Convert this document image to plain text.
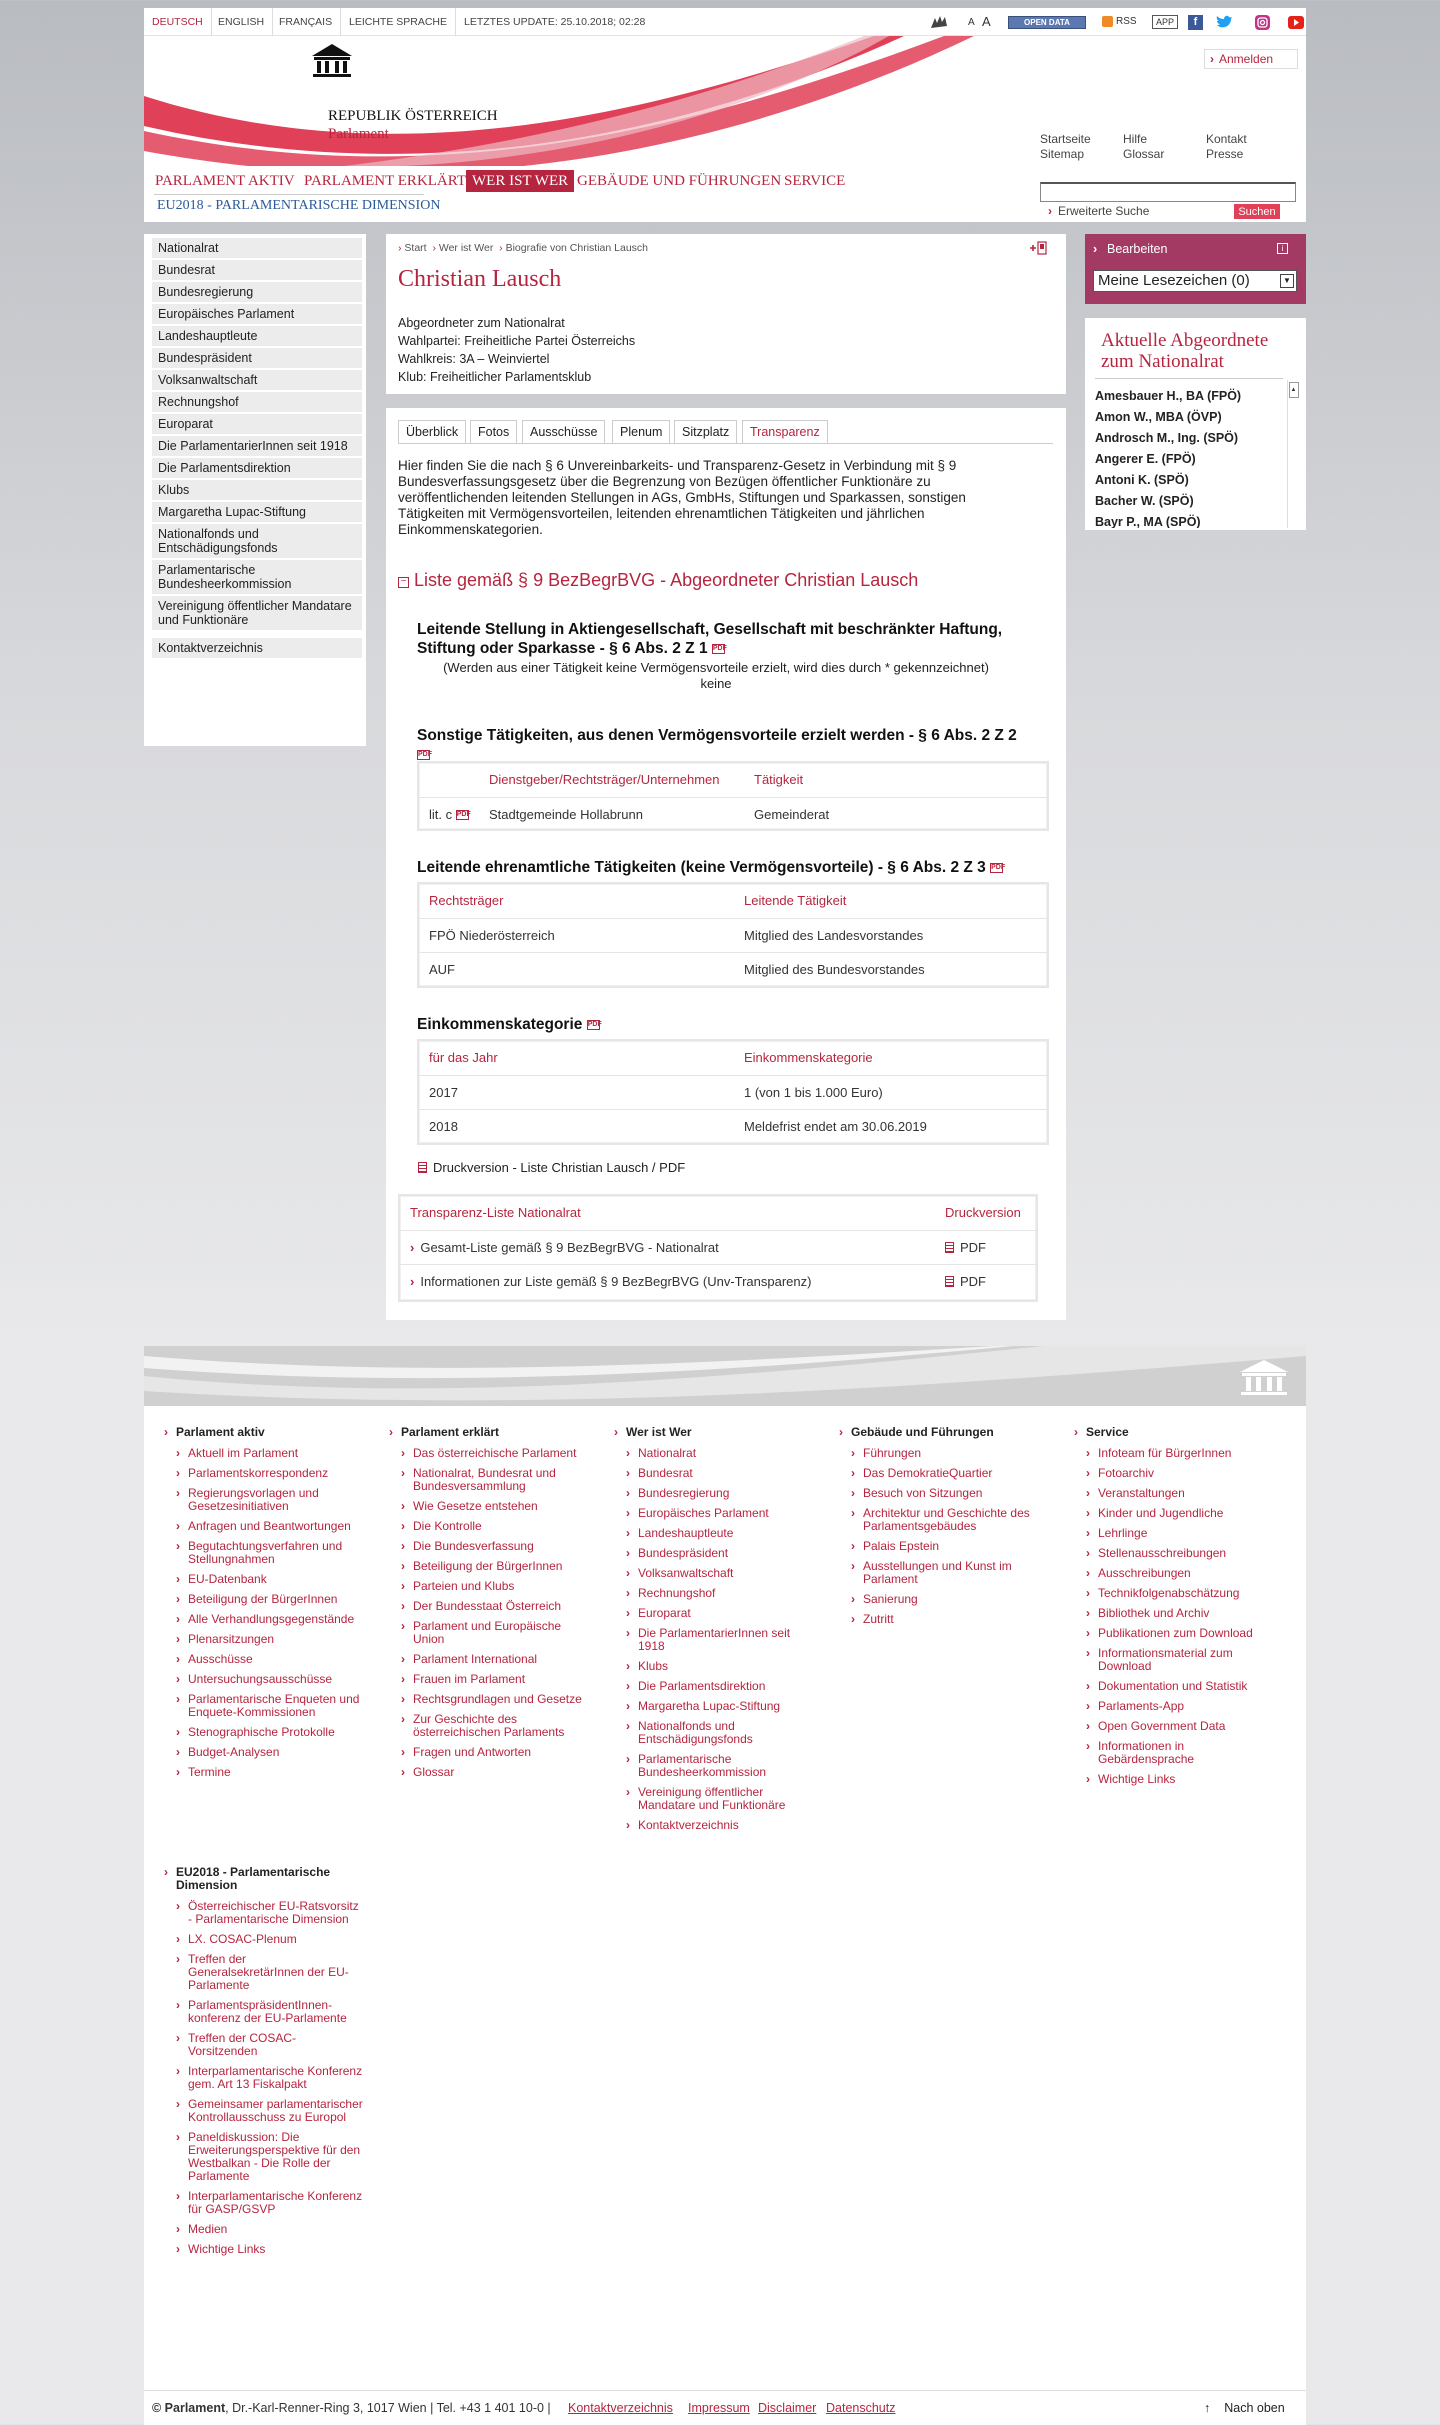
DEUTSCH	ENGLISH	FRANÇAIS	LEICHTE SPRACHE	LETZTES UPDATE: 25.10.2018; 02:28	A A	OPEN DATA	RSS	APP	f
REPUBLIK ÖSTERREICH
Parlament
› Anmelden
Startseite
Sitemap
Hilfe
Glossar
Kontakt
Presse
PARLAMENT AKTIV PARLAMENT ERKLÄRT WER IST WER GEBÄUDE UND FÜHRUNGEN SERVICE
EU2018 - PARLAMENTARISCHE DIMENSION	› Erweiterte Suche	Suchen
Nationalrat
Bundesrat
Bundesregierung
Europäisches Parlament
Landeshauptleute
Bundespräsident
Volksanwaltschaft
Rechnungshof
Europarat
Die ParlamentarierInnen seit 1918
Die Parlamentsdirektion
Klubs
Margaretha Lupac-Stiftung
Nationalfonds und Entschädigungsfonds
Parlamentarische Bundesheerkommission
Vereinigung öffentlicher Mandatare und Funktionäre
Kontaktverzeichnis
› Start › Wer ist Wer › Biografie von Christian Lausch
Christian Lausch
Abgeordneter zum Nationalrat
Wahlpartei: Freiheitliche Partei Österreichs
Wahlkreis: 3A – Weinviertel
Klub: Freiheitlicher Parlamentsklub
Überblick	Fotos	Ausschüsse	Plenum	Sitzplatz	Transparenz

Hier finden Sie die nach § 6 Unvereinbarkeits- und Transparenz-Gesetz in Verbindung mit § 9 Bundesverfassungsgesetz über die Begrenzung von Bezügen öffentlicher Funktionäre zu veröffentlichenden leitenden Stellungen in AGs, GmbHs, Stiftungen und Sparkassen, sonstigen Tätigkeiten mit Vermögensvorteilen, leitenden ehrenamtlichen Tätigkeiten und jährlichen Einkommenskategorien.

− Liste gemäß § 9 BezBegrBVG - Abgeordneter Christian Lausch
Leitende Stellung in Aktiengesellschaft, Gesellschaft mit beschränkter Haftung,
Stiftung oder Sparkasse - § 6 Abs. 2 Z 1 PDF
(Werden aus einer Tätigkeit keine Vermögensvorteile erzielt, wird dies durch * gekennzeichnet)
keine
Sonstige Tätigkeiten, aus denen Vermögensvorteile erzielt werden - § 6 Abs. 2 Z 2
PDF
	Dienstgeber/Rechtsträger/Unternehmen	Tätigkeit
lit. c PDF	Stadtgemeinde Hollabrunn	Gemeinderat
Leitende ehrenamtliche Tätigkeiten (keine Vermögensvorteile) - § 6 Abs. 2 Z 3 PDF
Rechtsträger	Leitende Tätigkeit
FPÖ Niederösterreich	Mitglied des Landesvorstandes
AUF	Mitglied des Bundesvorstandes
Einkommenskategorie PDF
für das Jahr	Einkommenskategorie
2017	1 (von 1 bis 1.000 Euro)
2018	Meldefrist endet am 30.06.2019
Druckversion - Liste Christian Lausch / PDF
Transparenz-Liste Nationalrat	Druckversion
› Gesamt-Liste gemäß § 9 BezBegrBVG - Nationalrat	PDF
› Informationen zur Liste gemäß § 9 BezBegrBVG (Unv-Transparenz)	PDF
› Bearbeiten	i
Meine Lesezeichen (0)	▼
Aktuelle Abgeordnete
zum Nationalrat
Amesbauer H., BA (FPÖ)
Amon W., MBA (ÖVP)
Androsch M., Ing. (SPÖ)
Angerer E. (FPÖ)
Antoni K. (SPÖ)
Bacher W. (SPÖ)
Bayr P., MA (SPÖ)
▲
› Parlament aktiv
› Aktuell im Parlament
› Parlamentskorrespondenz
› Regierungsvorlagen und Gesetzesinitiativen
› Anfragen und Beantwortungen
› Begutachtungsverfahren und Stellungnahmen
› EU-Datenbank
› Beteiligung der BürgerInnen
› Alle Verhandlungsgegenstände
› Plenarsitzungen
› Ausschüsse
› Untersuchungsausschüsse
› Parlamentarische Enqueten und Enquete-Kommissionen
› Stenographische Protokolle
› Budget-Analysen
› Termine
› Parlament erklärt
› Das österreichische Parlament
› Nationalrat, Bundesrat und Bundesversammlung
› Wie Gesetze entstehen
› Die Kontrolle
› Die Bundesverfassung
› Beteiligung der BürgerInnen
› Parteien und Klubs
› Der Bundesstaat Österreich
› Parlament und Europäische Union
› Parlament International
› Frauen im Parlament
› Rechtsgrundlagen und Gesetze
› Zur Geschichte des österreichischen Parlaments
› Fragen und Antworten
› Glossar
› Wer ist Wer
› Nationalrat
› Bundesrat
› Bundesregierung
› Europäisches Parlament
› Landeshauptleute
› Bundespräsident
› Volksanwaltschaft
› Rechnungshof
› Europarat
› Die ParlamentarierInnen seit 1918
› Klubs
› Die Parlamentsdirektion
› Margaretha Lupac-Stiftung
› Nationalfonds und Entschädigungsfonds
› Parlamentarische Bundesheerkommission
› Vereinigung öffentlicher Mandatare und Funktionäre
› Kontaktverzeichnis
› Gebäude und Führungen
› Führungen
› Das DemokratieQuartier
› Besuch von Sitzungen
› Architektur und Geschichte des Parlamentsgebäudes
› Palais Epstein
› Ausstellungen und Kunst im Parlament
› Sanierung
› Zutritt
› Service
› Infoteam für BürgerInnen
› Fotoarchiv
› Veranstaltungen
› Kinder und Jugendliche
› Lehrlinge
› Stellenausschreibungen
› Ausschreibungen
› Technikfolgenabschätzung
› Bibliothek und Archiv
› Publikationen zum Download
› Informationsmaterial zum Download
› Dokumentation und Statistik
› Parlaments-App
› Open Government Data
› Informationen in Gebärdensprache
› Wichtige Links
› EU2018 - Parlamentarische Dimension
› Österreichischer EU-Ratsvorsitz - Parlamentarische Dimension
› LX. COSAC-Plenum
› Treffen der GeneralsekretärInnen der EU-Parlamente
› ParlamentspräsidentInnen-konferenz der EU-Parlamente
› Treffen der COSAC-Vorsitzenden
› Interparlamentarische Konferenz gem. Art 13 Fiskalpakt
› Gemeinsamer parlamentarischer Kontrollausschuss zu Europol
› Paneldiskussion: Die Erweiterungsperspektive für den Westbalkan - Die Rolle der Parlamente
› Interparlamentarische Konferenz für GASP/GSVP
› Medien
› Wichtige Links
© Parlament, Dr.-Karl-Renner-Ring 3, 1017 Wien | Tel. +43 1 401 10-0 | Kontaktverzeichnis Impressum Disclaimer Datenschutz	↑ Nach oben
